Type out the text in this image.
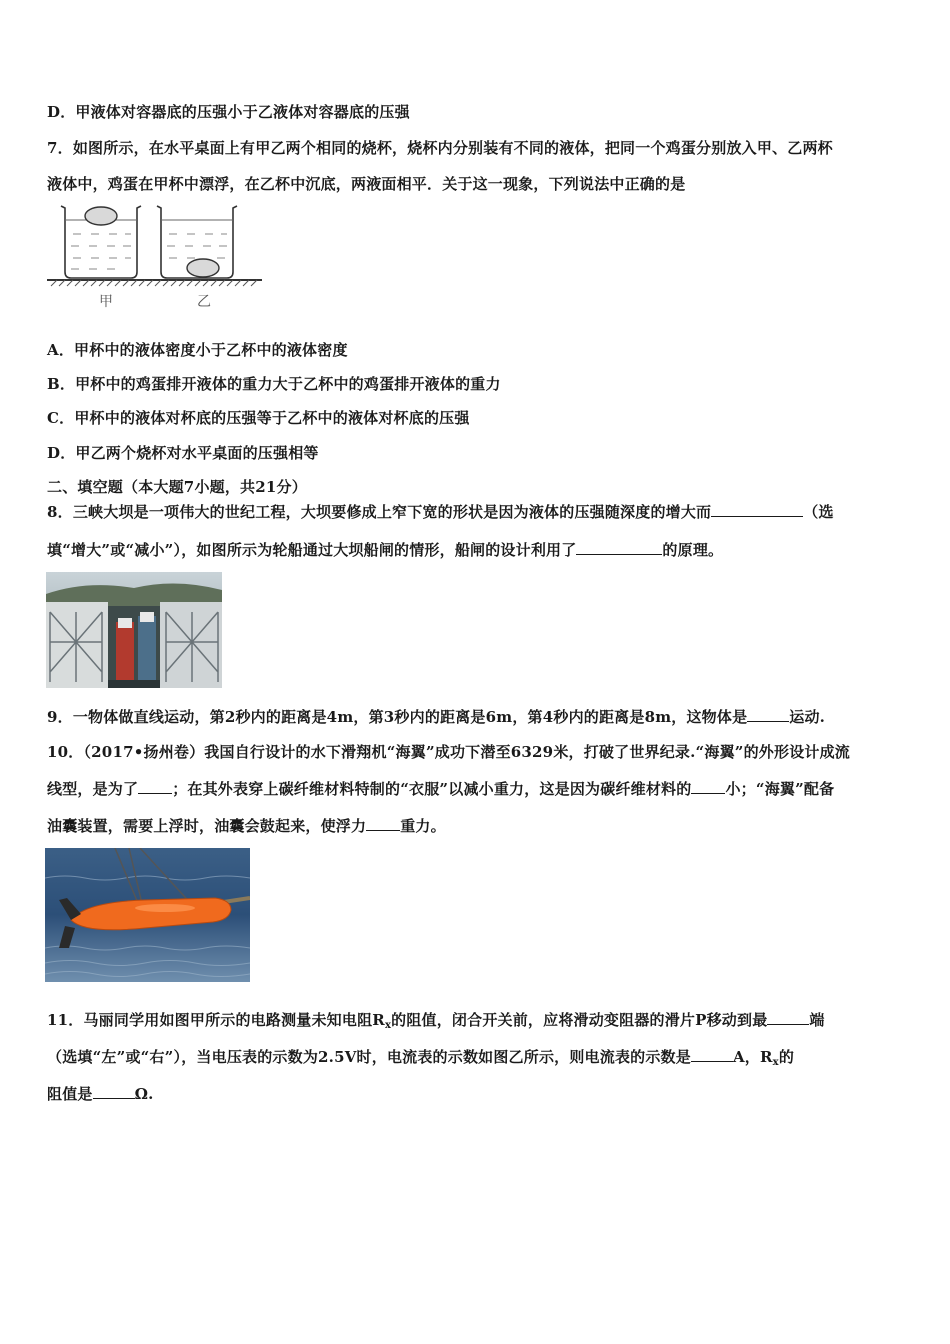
D．甲液体对容器底的压强小于乙液体对容器底的压强
7．如图所示，在水平桌面上有甲乙两个相同的烧杯，烧杯内分别装有不同的液体，把同一个鸡蛋分别放入甲、乙两杯
液体中，鸡蛋在甲杯中漂浮，在乙杯中沉底，两液面相平．关于这一现象，下列说法中正确的是
甲	乙
A．甲杯中的液体密度小于乙杯中的液体密度
B．甲杯中的鸡蛋排开液体的重力大于乙杯中的鸡蛋排开液体的重力
C．甲杯中的液体对杯底的压强等于乙杯中的液体对杯底的压强
D．甲乙两个烧杯对水平桌面的压强相等
二、填空题（本大题7小题，共21分）
8．三峡大坝是一项伟大的世纪工程，大坝要修成上窄下宽的形状是因为液体的压强随深度的增大而	（选
填“增大”或“减小”），如图所示为轮船通过大坝船闸的情形，船闸的设计利用了	的原理。
9．一物体做直线运动，第2秒内的距离是4m，第3秒内的距离是6m，第4秒内的距离是8m，这物体是	运动.
10．（2017•扬州卷）我国自行设计的水下滑翔机“海翼”成功下潜至6329米，打破了世界纪录.“海翼”的外形设计成流
线型，是为了 ；在其外表穿上碳纤维材料特制的“衣服”以减小重力，这是因为碳纤维材料的 小；“海翼”配备
油囊装置，需要上浮时，油囊会鼓起来，使浮力 重力。
11．马丽同学用如图甲所示的电路测量未知电阻$R_x$的阻值，闭合开关前，应将滑动变阻器的滑片P移动到最	端
（选填“左”或“右”），当电压表的示数为2.5V时，电流表的示数如图乙所示，则电流表的示数是	A，$R_x$的
阻值是	Ω.
